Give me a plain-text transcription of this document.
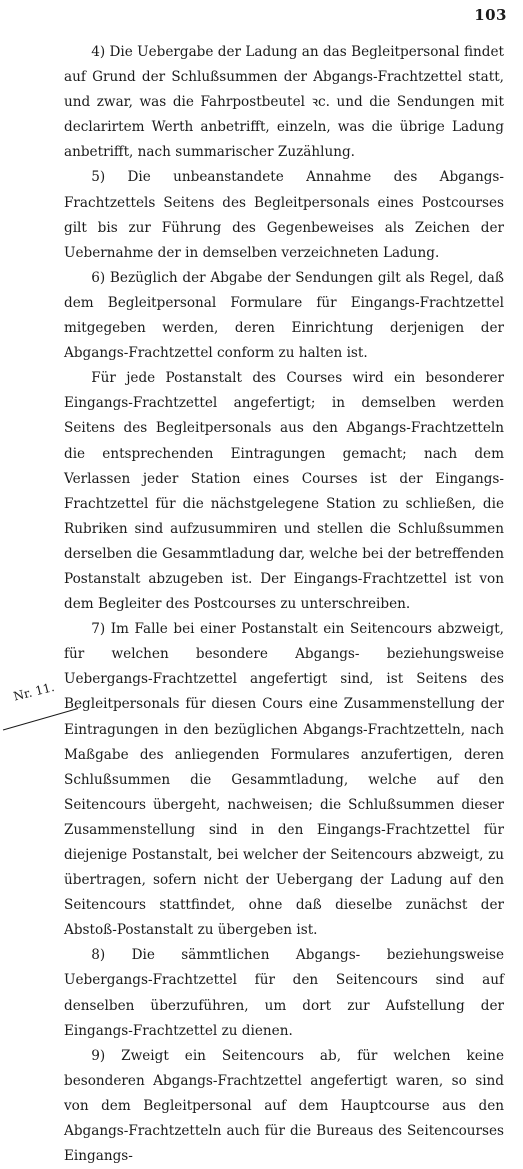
103
Nr. 11.

4) Die Uebergabe der Ladung an das Begleitpersonal findet auf Grund der Schlußsummen der Abgangs-Frachtzettel statt, und zwar, was die Fahrpostbeutel ꝛc. und die Sendungen mit declarirtem Werth anbetrifft, einzeln, was die übrige Ladung anbetrifft, nach summarischer Zuzählung.

5) Die unbeanstandete Annahme des Abgangs-Frachtzettels Seitens des Begleitpersonals eines Postcourses gilt bis zur Führung des Gegenbeweises als Zeichen der Uebernahme der in demselben verzeichneten Ladung.

6) Bezüglich der Abgabe der Sendungen gilt als Regel, daß dem Begleitpersonal Formulare für Eingangs-Frachtzettel mitgegeben werden, deren Einrichtung derjenigen der Abgangs-Frachtzettel conform zu halten ist.

Für jede Postanstalt des Courses wird ein besonderer Eingangs-Frachtzettel angefertigt; in demselben werden Seitens des Begleitpersonals aus den Abgangs-Frachtzetteln die entsprechenden Eintragungen gemacht; nach dem Verlassen jeder Station eines Courses ist der Eingangs-Frachtzettel für die nächstgelegene Station zu schließen, die Rubriken sind aufzusummiren und stellen die Schlußsummen derselben die Gesammtladung dar, welche bei der betreffenden Postanstalt abzugeben ist. Der Eingangs-Frachtzettel ist von dem Begleiter des Postcourses zu unterschreiben.

7) Im Falle bei einer Postanstalt ein Seitencours abzweigt, für welchen besondere Abgangs- beziehungsweise Uebergangs-Frachtzettel angefertigt sind, ist Seitens des Begleitpersonals für diesen Cours eine Zusammenstellung der Eintragungen in den bezüglichen Abgangs-Frachtzetteln, nach Maßgabe des anliegenden Formulares anzufertigen, deren Schlußsummen die Gesammtladung, welche auf den Seitencours übergeht, nachweisen; die Schlußsummen dieser Zusammenstellung sind in den Eingangs-Frachtzettel für diejenige Postanstalt, bei welcher der Seitencours abzweigt, zu übertragen, sofern nicht der Uebergang der Ladung auf den Seitencours stattfindet, ohne daß dieselbe zunächst der Abstoß-Postanstalt zu übergeben ist.

8) Die sämmtlichen Abgangs- beziehungsweise Uebergangs-Frachtzettel für den Seitencours sind auf denselben überzuführen, um dort zur Aufstellung der Eingangs-Frachtzettel zu dienen.

9) Zweigt ein Seitencours ab, für welchen keine besonderen Abgangs-Frachtzettel angefertigt waren, so sind von dem Begleitpersonal auf dem Hauptcourse aus den Abgangs-Frachtzetteln auch für die Bureaus des Seitencourses Eingangs-
